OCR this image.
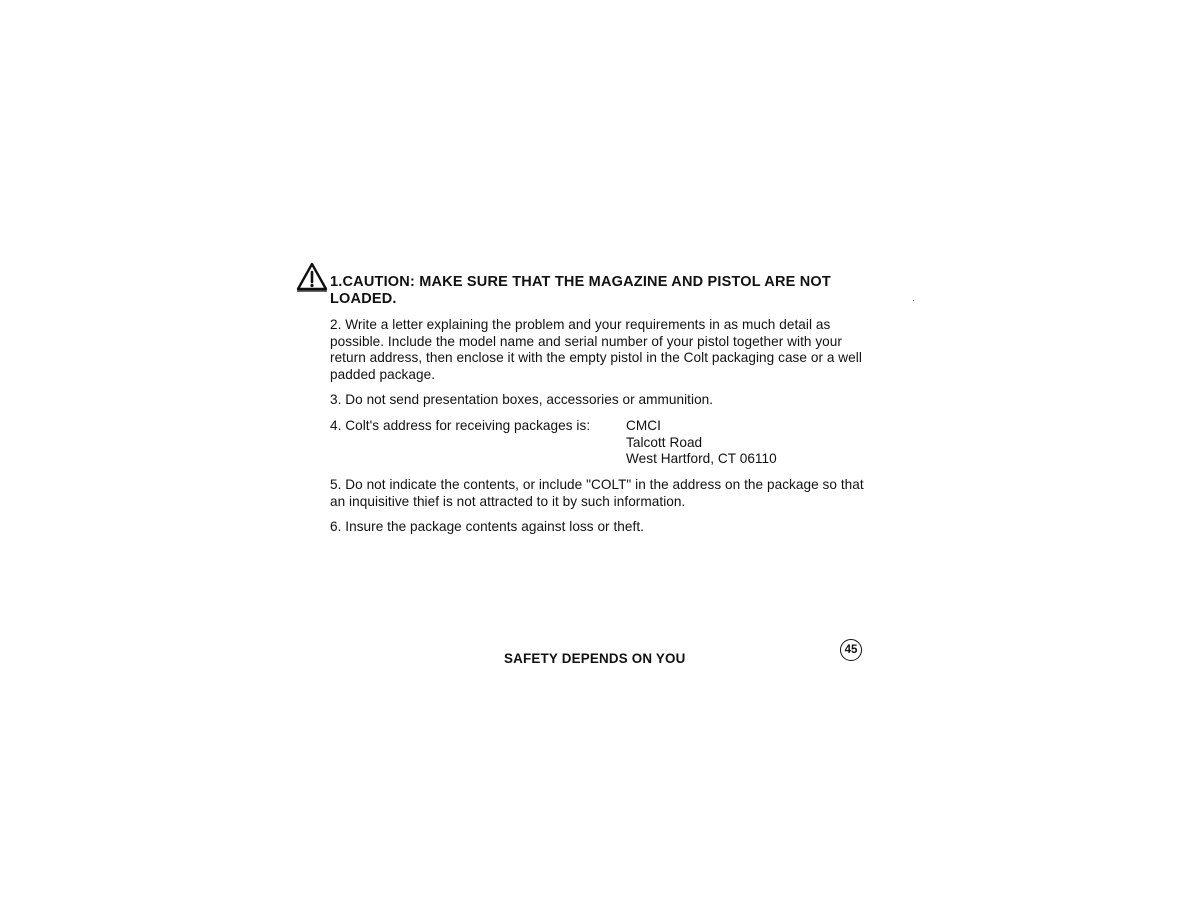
1.CAUTION: MAKE SURE THAT THE MAGAZINE AND PISTOL ARE NOT LOADED.
2. Write a letter explaining the problem and your requirements in as much detail as possible. Include the model name and serial number of your pistol together with your return address, then enclose it with the empty pistol in the Colt packaging case or a well padded package.
3. Do not send presentation boxes, accessories or ammunition.
4. Colt's address for receiving packages is:	CMCI
Talcott Road
West Hartford, CT 06110
5. Do not indicate the contents, or include "COLT" in the address on the package so that an inquisitive thief is not attracted to it by such information.
6. Insure the package contents against loss or theft.
SAFETY DEPENDS ON YOU
45
